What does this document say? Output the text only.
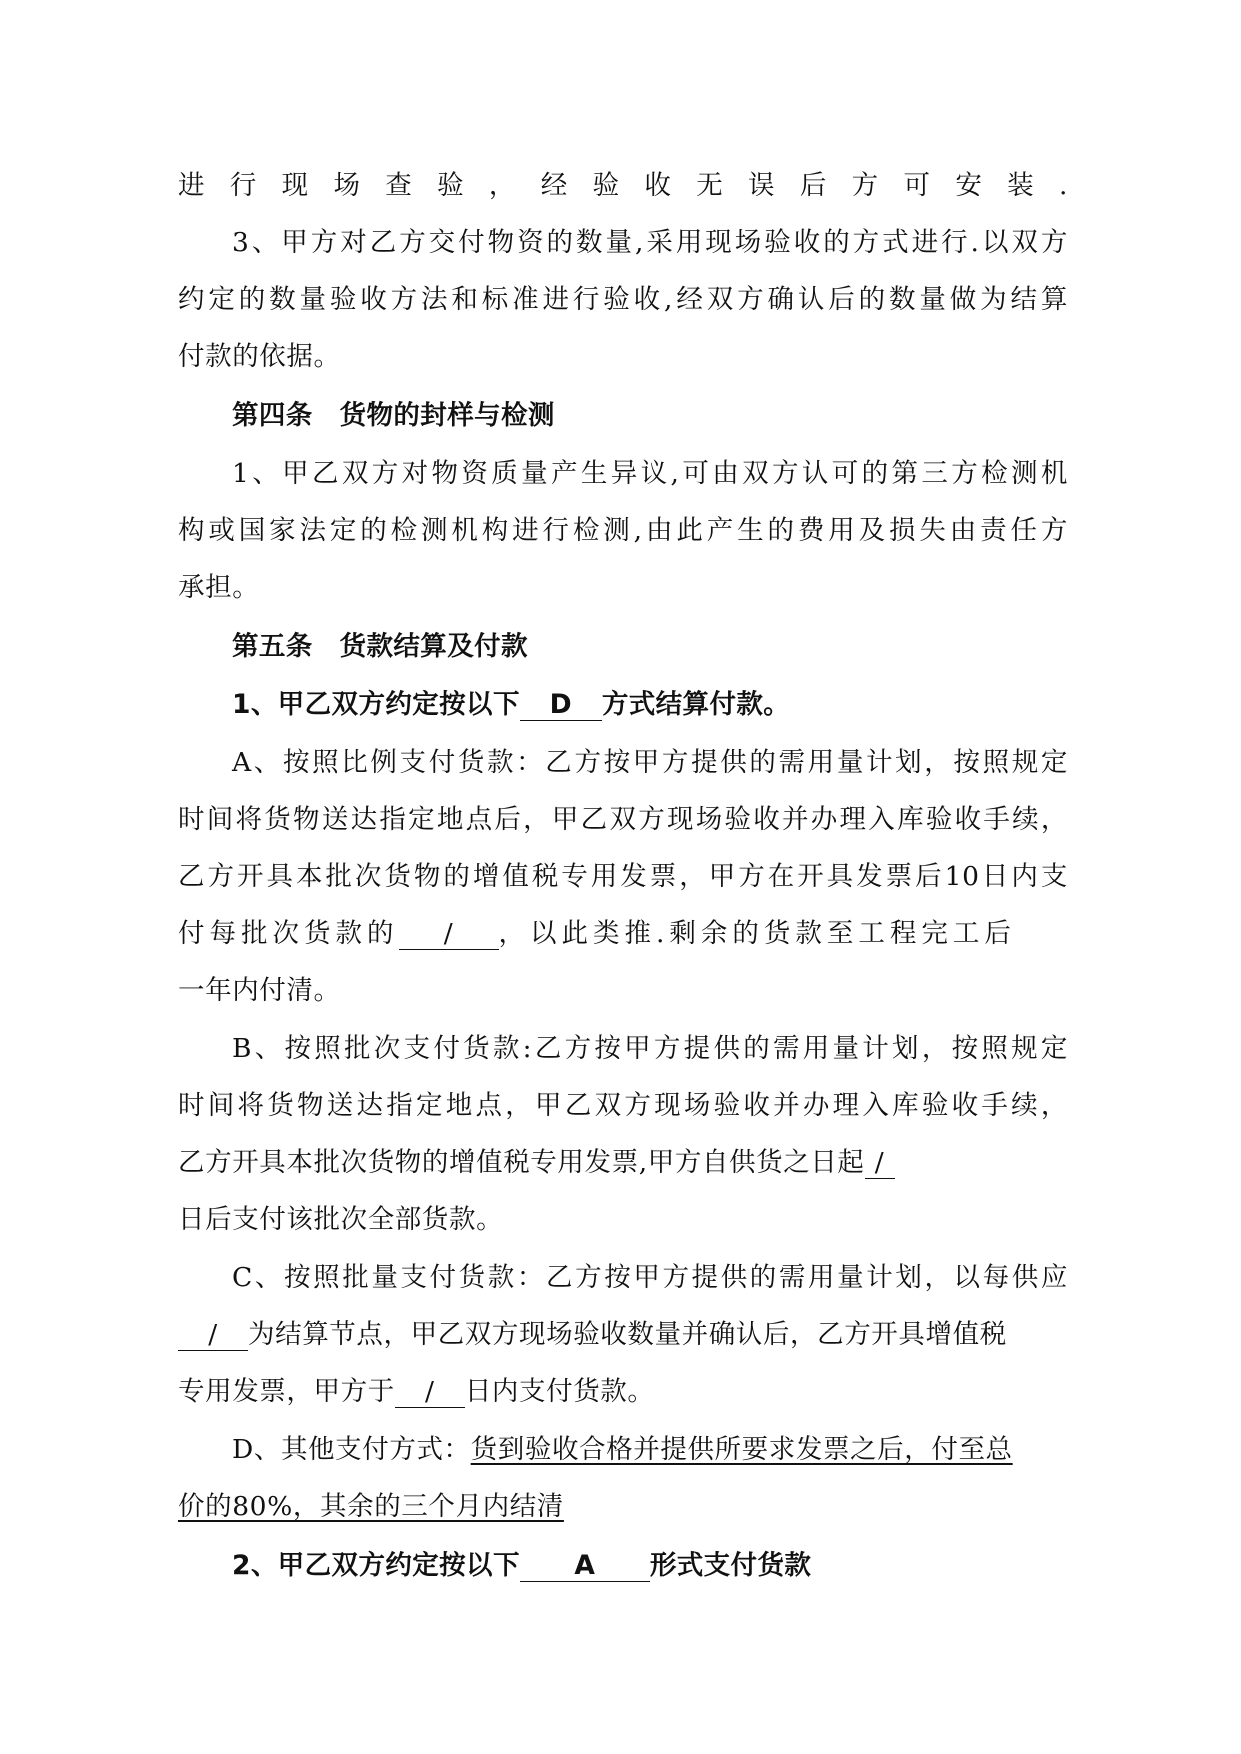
进行现场查验，经验收无误后方可安装.
3、甲方对乙方交付物资的数量,采用现场验收的方式进行.以双方
约定的数量验收方法和标准进行验收,经双方确认后的数量做为结算
付款的依据。
第四条　货物的封样与检测
1、甲乙双方对物资质量产生异议,可由双方认可的第三方检测机
构或国家法定的检测机构进行检测,由此产生的费用及损失由责任方
承担。
第五条　货款结算及付款
1、甲乙双方约定按以下 D 方式结算付款。
A、按照比例支付货款：乙方按甲方提供的需用量计划，按照规定
时间将货物送达指定地点后，甲乙双方现场验收并办理入库验收手续，
乙方开具本批次货物的增值税专用发票，甲方在开具发票后10日内支
付每批次货款的 / ，以此类推.剩余的货款至工程完工后
一年内付清。
B、按照批次支付货款:乙方按甲方提供的需用量计划，按照规定
时间将货物送达指定地点，甲乙双方现场验收并办理入库验收手续，
乙方开具本批次货物的增值税专用发票,甲方自供货之日起 /
日后支付该批次全部货款。
C、按照批量支付货款：乙方按甲方提供的需用量计划，以每供应
/ 为结算节点，甲乙双方现场验收数量并确认后，乙方开具增值税
专用发票，甲方于 / 日内支付货款。
D、其他支付方式：货到验收合格并提供所要求发票之后，付至总
价的80%，其余的三个月内结清
2、甲乙双方约定按以下 A 形式支付货款
